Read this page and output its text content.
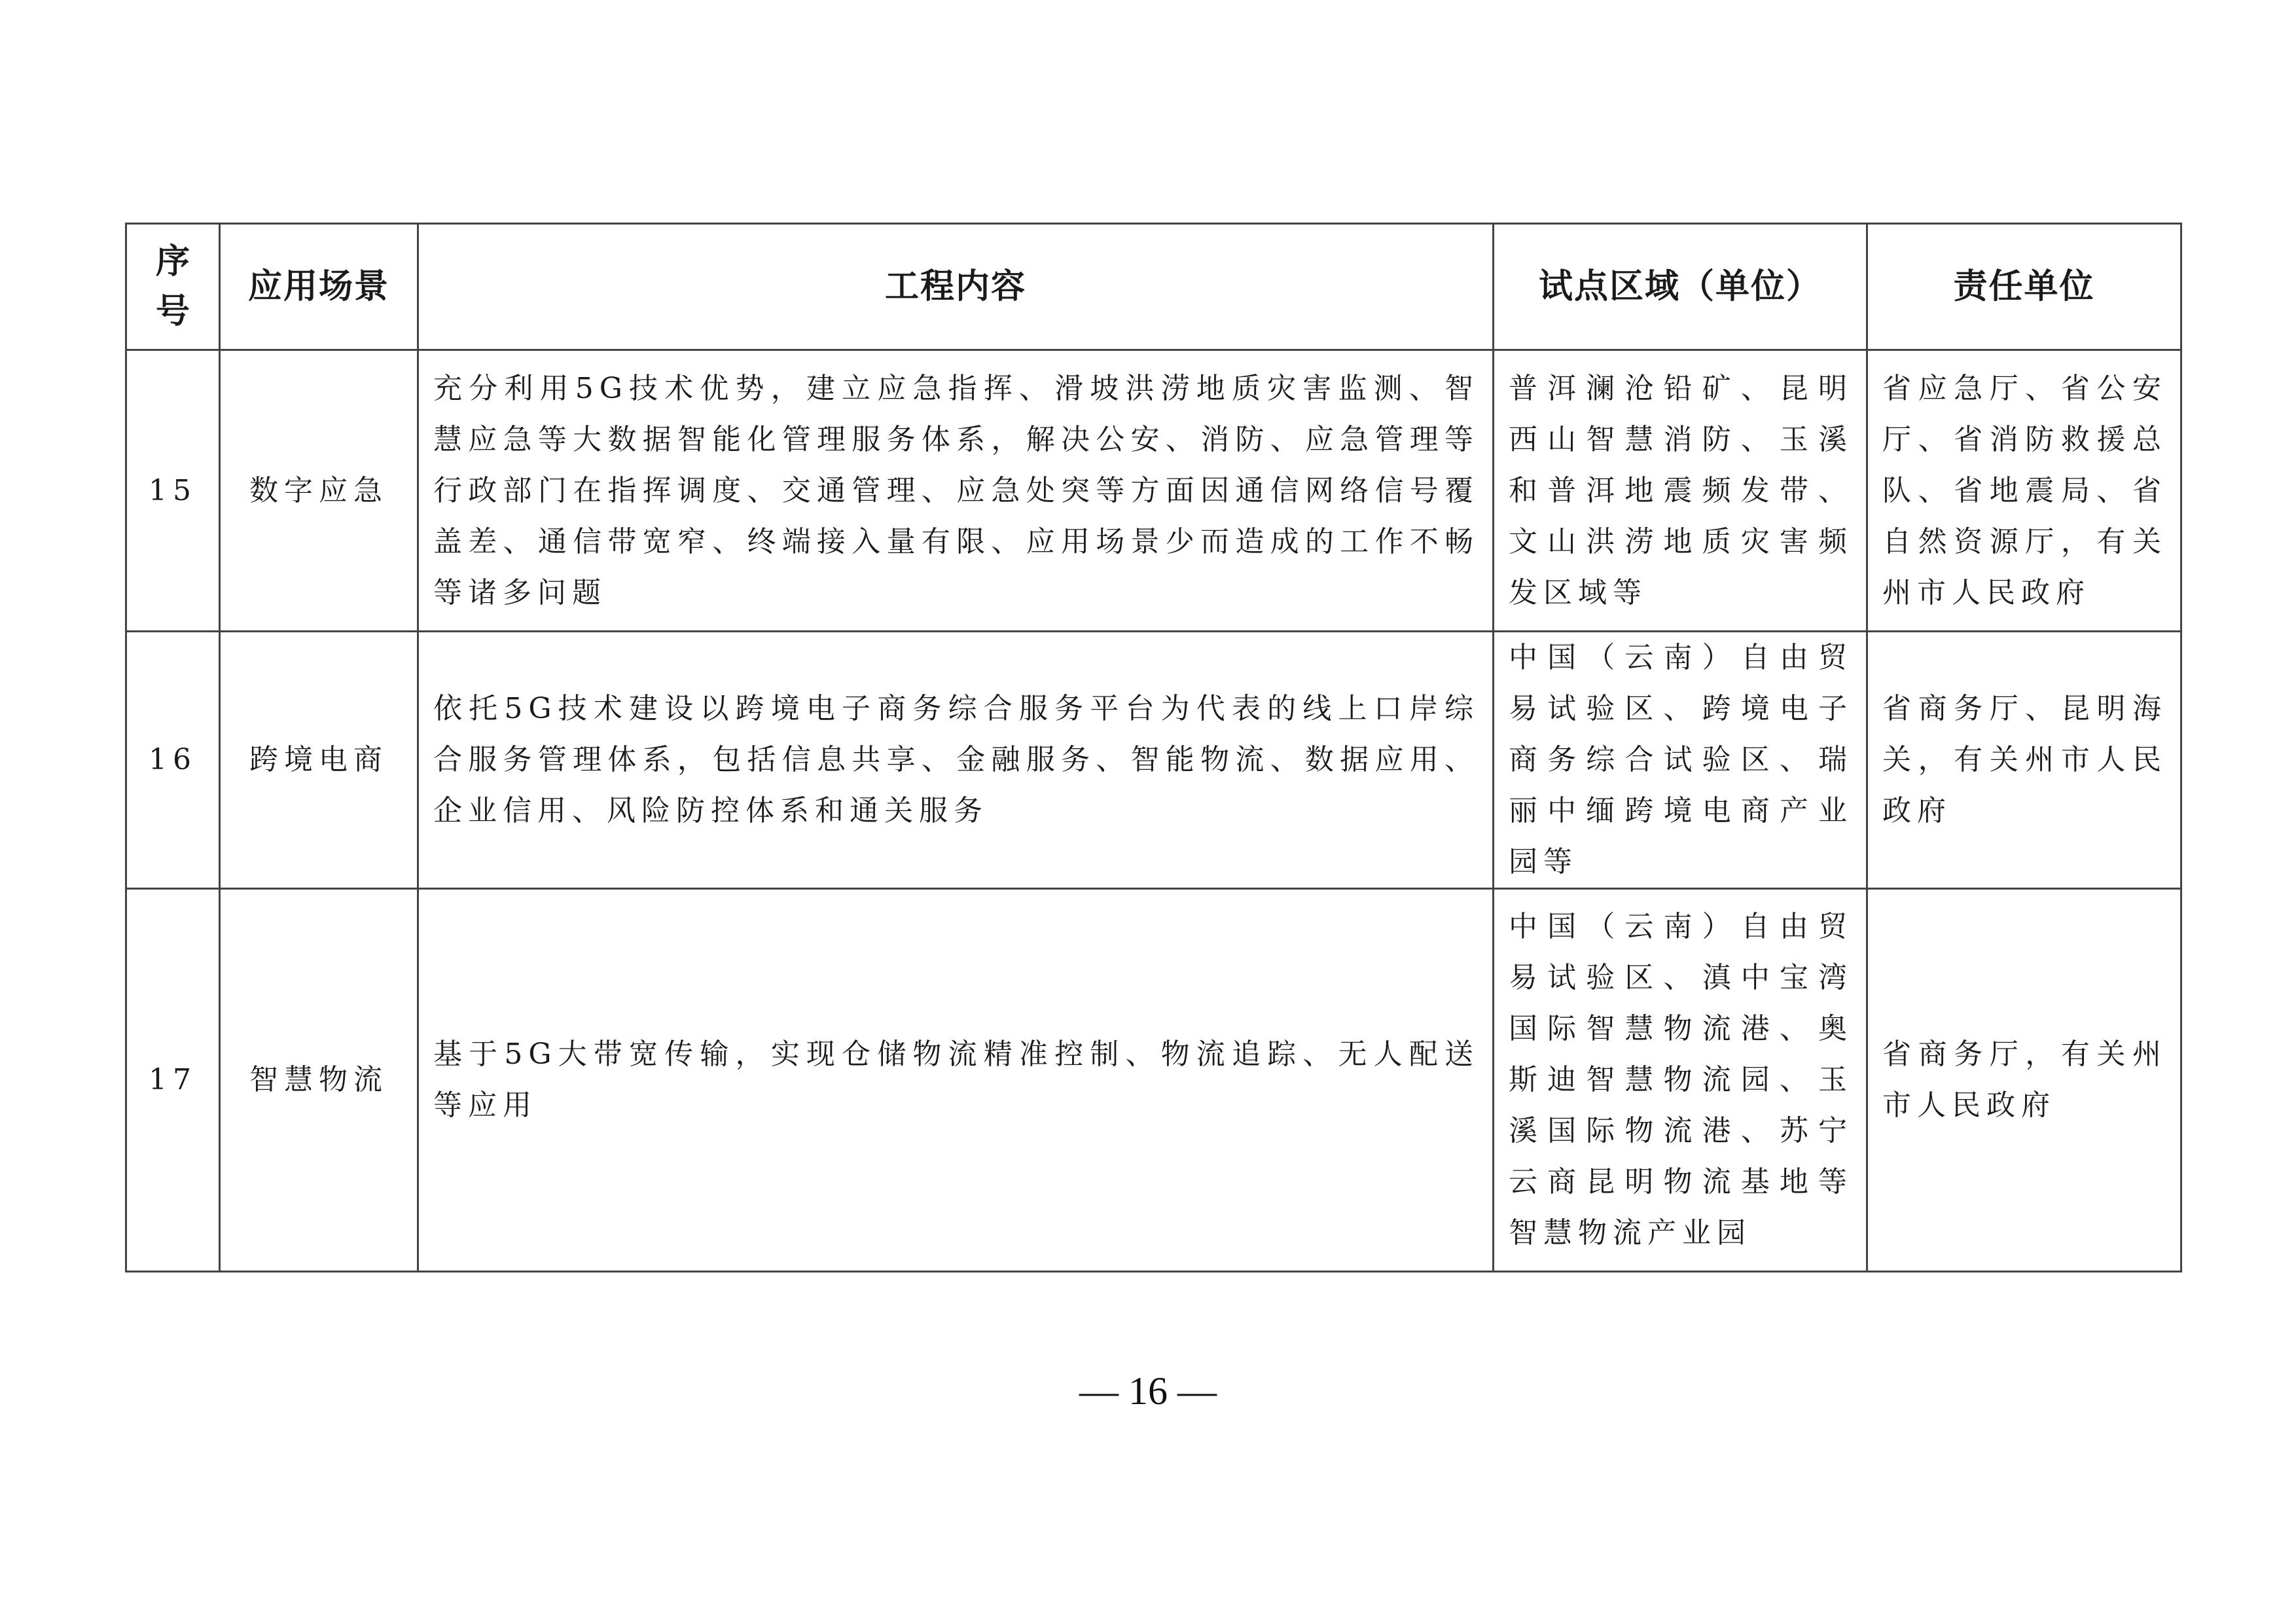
序
号	应用场景	工程内容	试点区域（单位）	责任单位
15	数字应急	充分利用5G技术优势，建立应急指挥、滑坡洪涝地质灾害监测、智慧应急等大数据智能化管理服务体系，解决公安、消防、应急管理等行政部门在指挥调度、交通管理、应急处突等方面因通信网络信号覆盖差、通信带宽窄、终端接入量有限、应用场景少而造成的工作不畅等诸多问题	普洱澜沧铅矿、昆明西山智慧消防、玉溪和普洱地震频发带、文山洪涝地质灾害频发区域等	省应急厅、省公安厅、省消防救援总队、省地震局、省自然资源厅，有关州市人民政府
16	跨境电商	依托5G技术建设以跨境电子商务综合服务平台为代表的线上口岸综合服务管理体系，包括信息共享、金融服务、智能物流、数据应用、企业信用、风险防控体系和通关服务	中国（云南）自由贸易试验区、跨境电子商务综合试验区、瑞丽中缅跨境电商产业园等	省商务厅、昆明海关，有关州市人民政府
17	智慧物流	基于5G大带宽传输，实现仓储物流精准控制、物流追踪、无人配送等应用	中国（云南）自由贸易试验区、滇中宝湾国际智慧物流港、奥斯迪智慧物流园、玉溪国际物流港、苏宁云商昆明物流基地等智慧物流产业园	省商务厅，有关州市人民政府
— 16 —
